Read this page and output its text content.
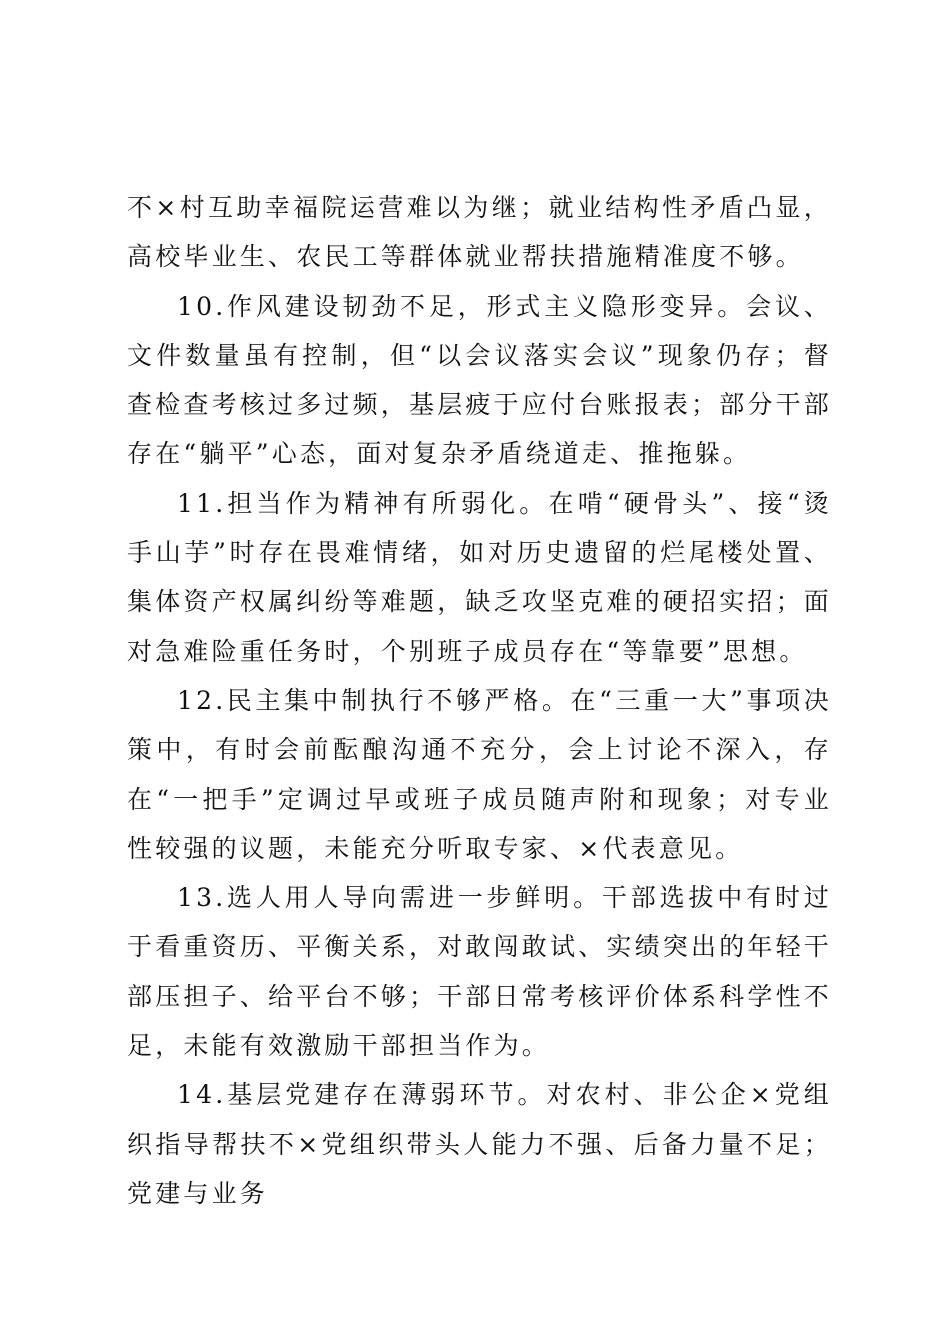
不×村互助幸福院运营难以为继；就业结构性矛盾凸显，高校毕业生、农民工等群体就业帮扶措施精准度不够。

10.作风建设韧劲不足，形式主义隐形变异。会议、文件数量虽有控制，但“以会议落实会议”现象仍存；督查检查考核过多过频，基层疲于应付台账报表；部分干部存在“躺平”心态，面对复杂矛盾绕道走、推拖躲。

11.担当作为精神有所弱化。在啃“硬骨头”、接“烫手山芋”时存在畏难情绪，如对历史遗留的烂尾楼处置、集体资产权属纠纷等难题，缺乏攻坚克难的硬招实招；面对急难险重任务时，个别班子成员存在“等靠要”思想。

12.民主集中制执行不够严格。在“三重一大”事项决策中，有时会前酝酿沟通不充分，会上讨论不深入，存在“一把手”定调过早或班子成员随声附和现象；对专业性较强的议题，未能充分听取专家、×代表意见。

13.选人用人导向需进一步鲜明。干部选拔中有时过于看重资历、平衡关系，对敢闯敢试、实绩突出的年轻干部压担子、给平台不够；干部日常考核评价体系科学性不足，未能有效激励干部担当作为。

14.基层党建存在薄弱环节。对农村、非公企×党组织指导帮扶不×党组织带头人能力不强、后备力量不足；党建与业务
